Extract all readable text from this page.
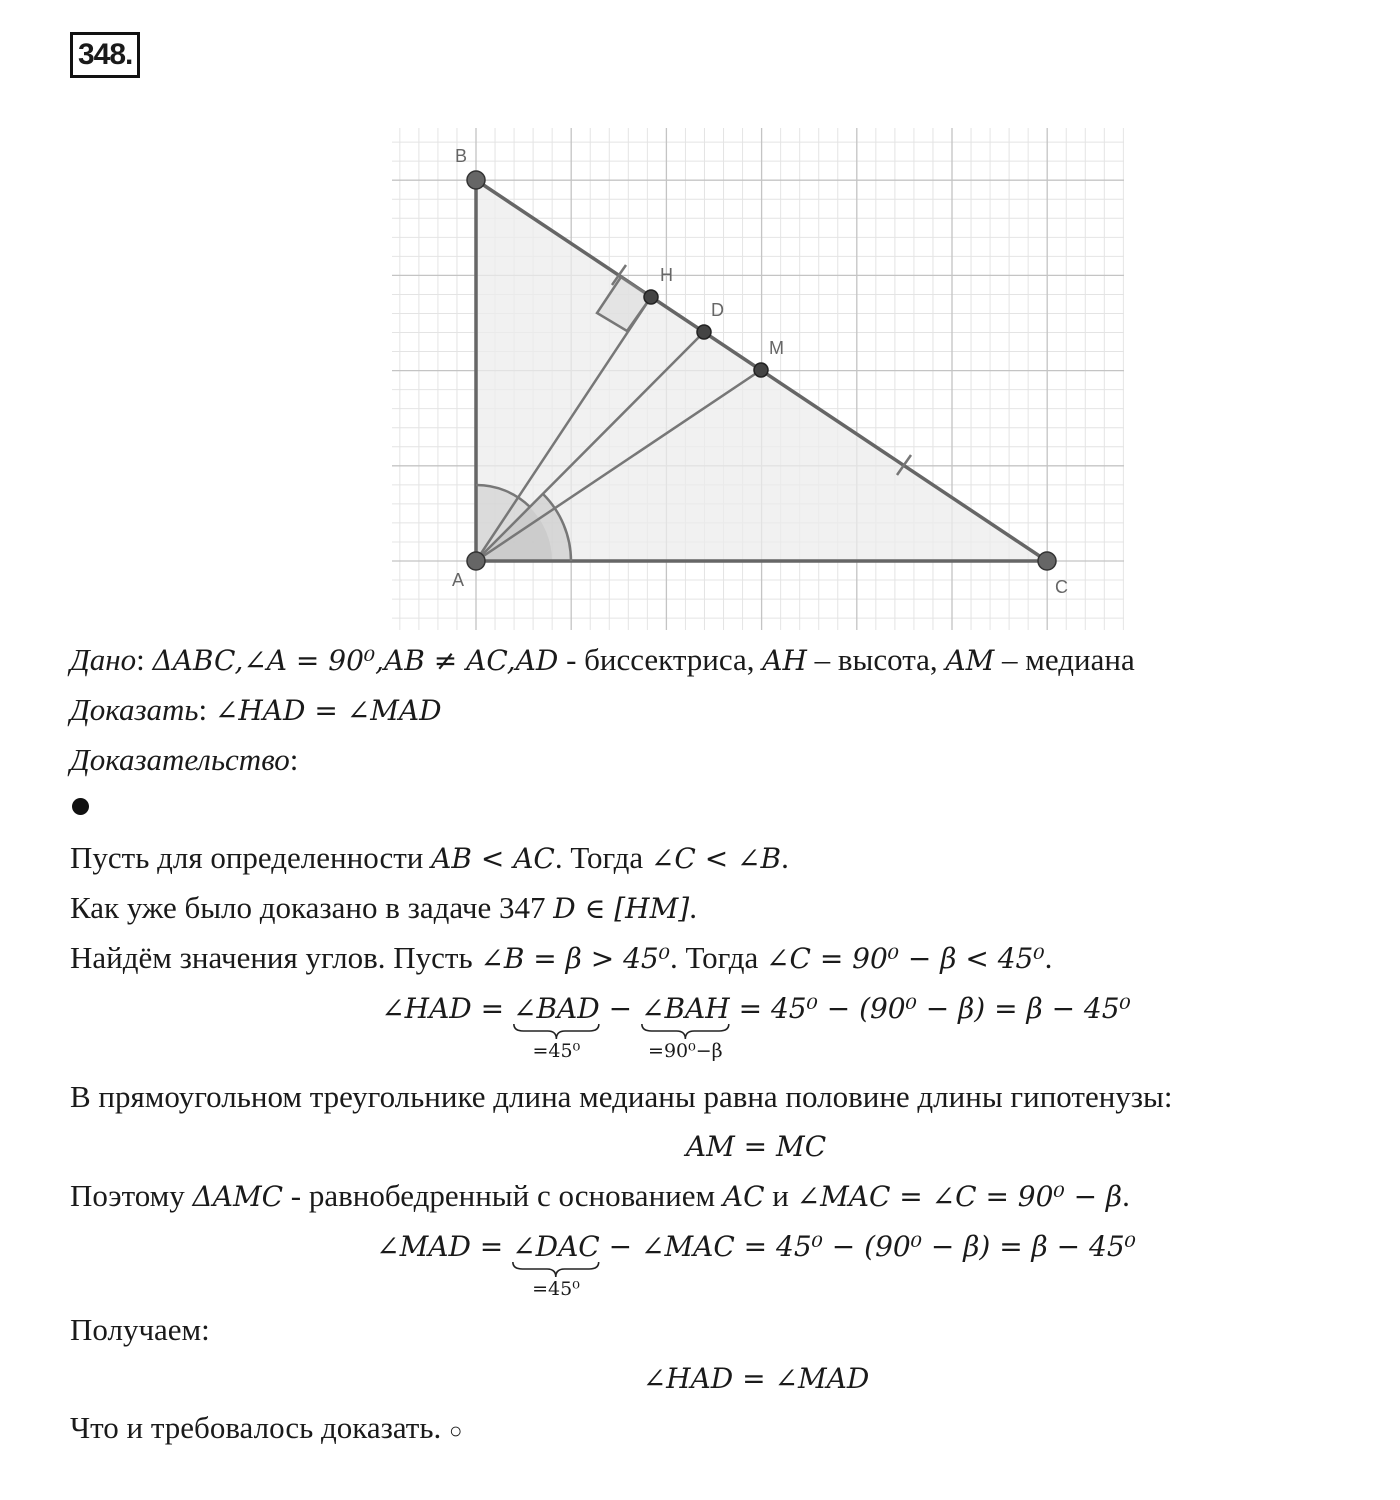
348.
B
A	C
H
D
M
Дано: ΔABC,∠A = 90⁰,AB ≠ AC,AD - биссектриса, AH – высота, AM – медиана
Доказать: ∠HAD = ∠MAD
Доказательство:
Пусть для определенности AB < AC. Тогда ∠C < ∠B.
Как уже было доказано в задаче 347 D ∈ [HM].
Найдём значения углов. Пусть ∠B = β > 45⁰. Тогда ∠C = 90⁰ − β < 45⁰.
∠HAD = ∠BAD
=45⁰
− ∠BAH
=90⁰−β
= 45⁰ − (90⁰ − β) = β − 45⁰
В прямоугольном треугольнике длина медианы равна половине длины гипотенузы:
AM = MC
Поэтому ΔAMC - равнобедренный с основанием AC и ∠MAC = ∠C = 90⁰ − β.
∠MAD = ∠DAC
=45⁰
− ∠MAC = 45⁰ − (90⁰ − β) = β − 45⁰
Получаем:
∠HAD = ∠MAD
Что и требовалось доказать. ○
